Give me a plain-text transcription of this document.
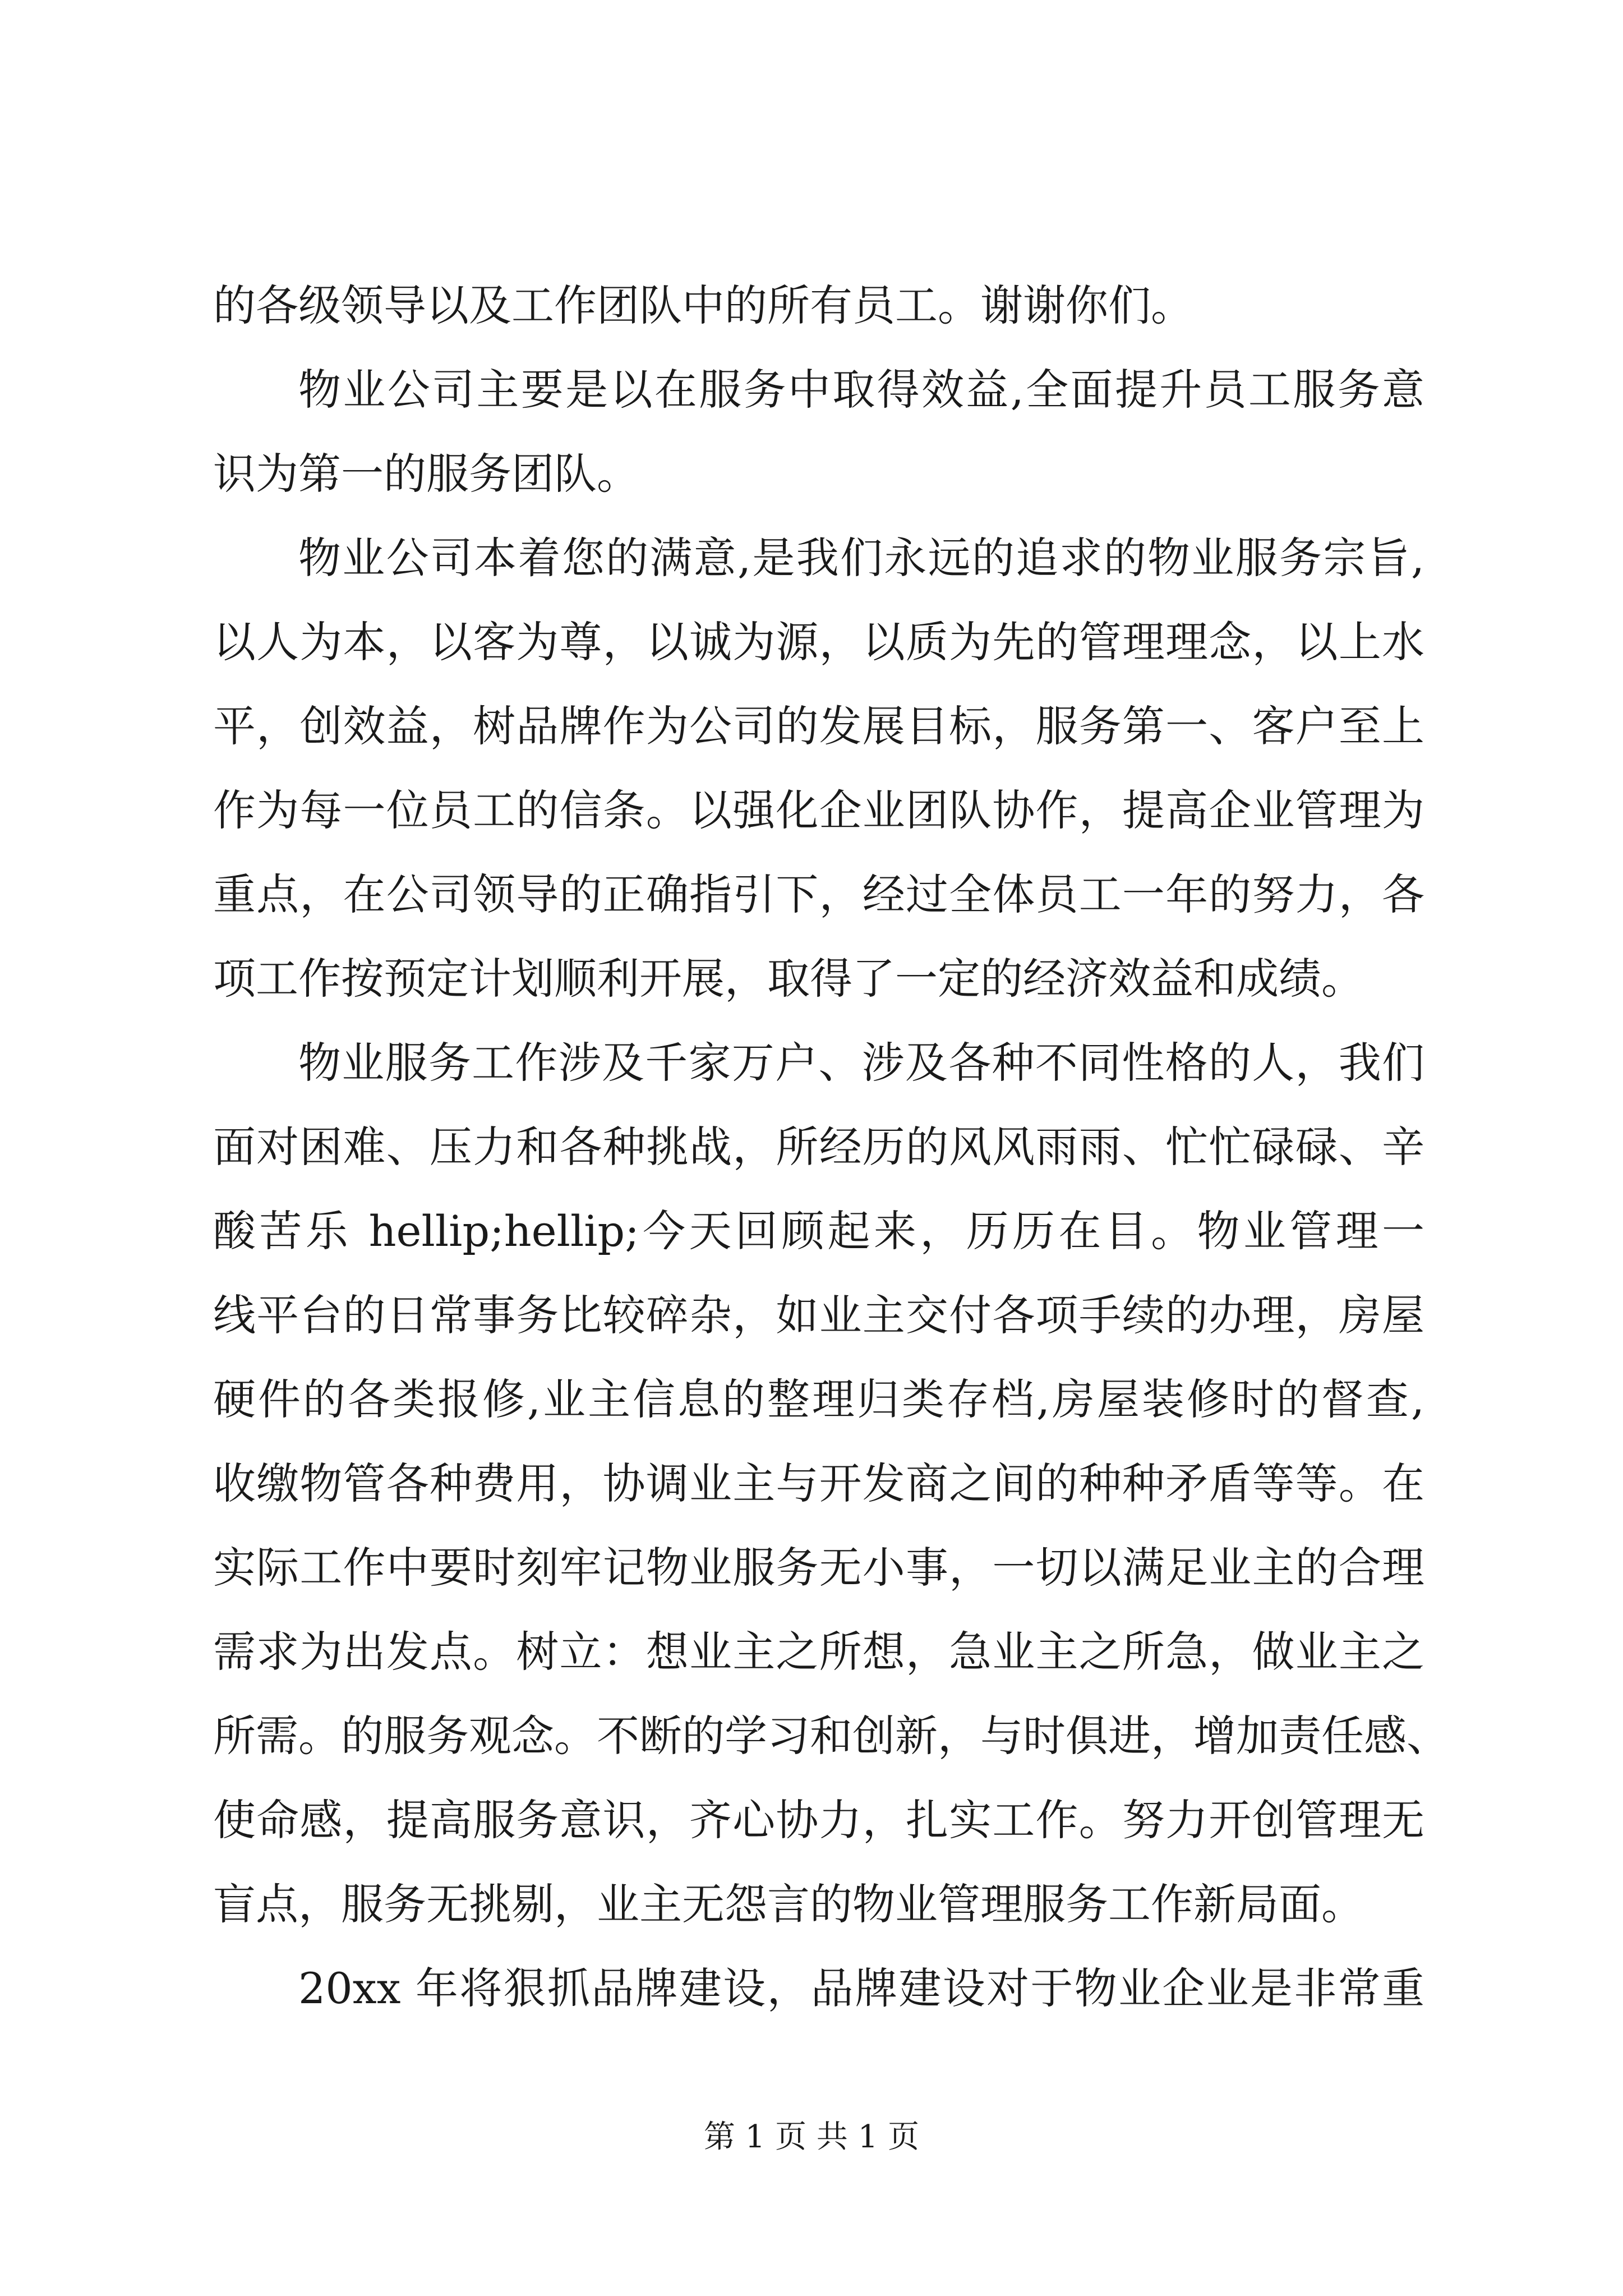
的各级领导以及工作团队中的所有员工。谢谢你们。
物业公司主要是以在服务中取得效益,全面提升员工服务意
识为第一的服务团队。
物业公司本着您的满意,是我们永远的追求的物业服务宗旨,
以人为本，以客为尊，以诚为源，以质为先的管理理念，以上水
平，创效益，树品牌作为公司的发展目标，服务第一、客户至上
作为每一位员工的信条。以强化企业团队协作，提高企业管理为
重点，在公司领导的正确指引下，经过全体员工一年的努力，各
项工作按预定计划顺利开展，取得了一定的经济效益和成绩。
物业服务工作涉及千家万户、涉及各种不同性格的人，我们
面对困难、压力和各种挑战，所经历的风风雨雨、忙忙碌碌、辛
酸苦乐 hellip;hellip;今天回顾起来，历历在目。物业管理一
线平台的日常事务比较碎杂，如业主交付各项手续的办理，房屋
硬件的各类报修,业主信息的整理归类存档,房屋装修时的督查,
收缴物管各种费用，协调业主与开发商之间的种种矛盾等等。在
实际工作中要时刻牢记物业服务无小事，一切以满足业主的合理
需求为出发点。树立：想业主之所想，急业主之所急，做业主之
所需。的服务观念。不断的学习和创新，与时俱进，增加责任感、
使命感，提高服务意识，齐心协力，扎实工作。努力开创管理无
盲点，服务无挑剔，业主无怨言的物业管理服务工作新局面。
20xx 年将狠抓品牌建设，品牌建设对于物业企业是非常重
第 1 页 共 1 页
